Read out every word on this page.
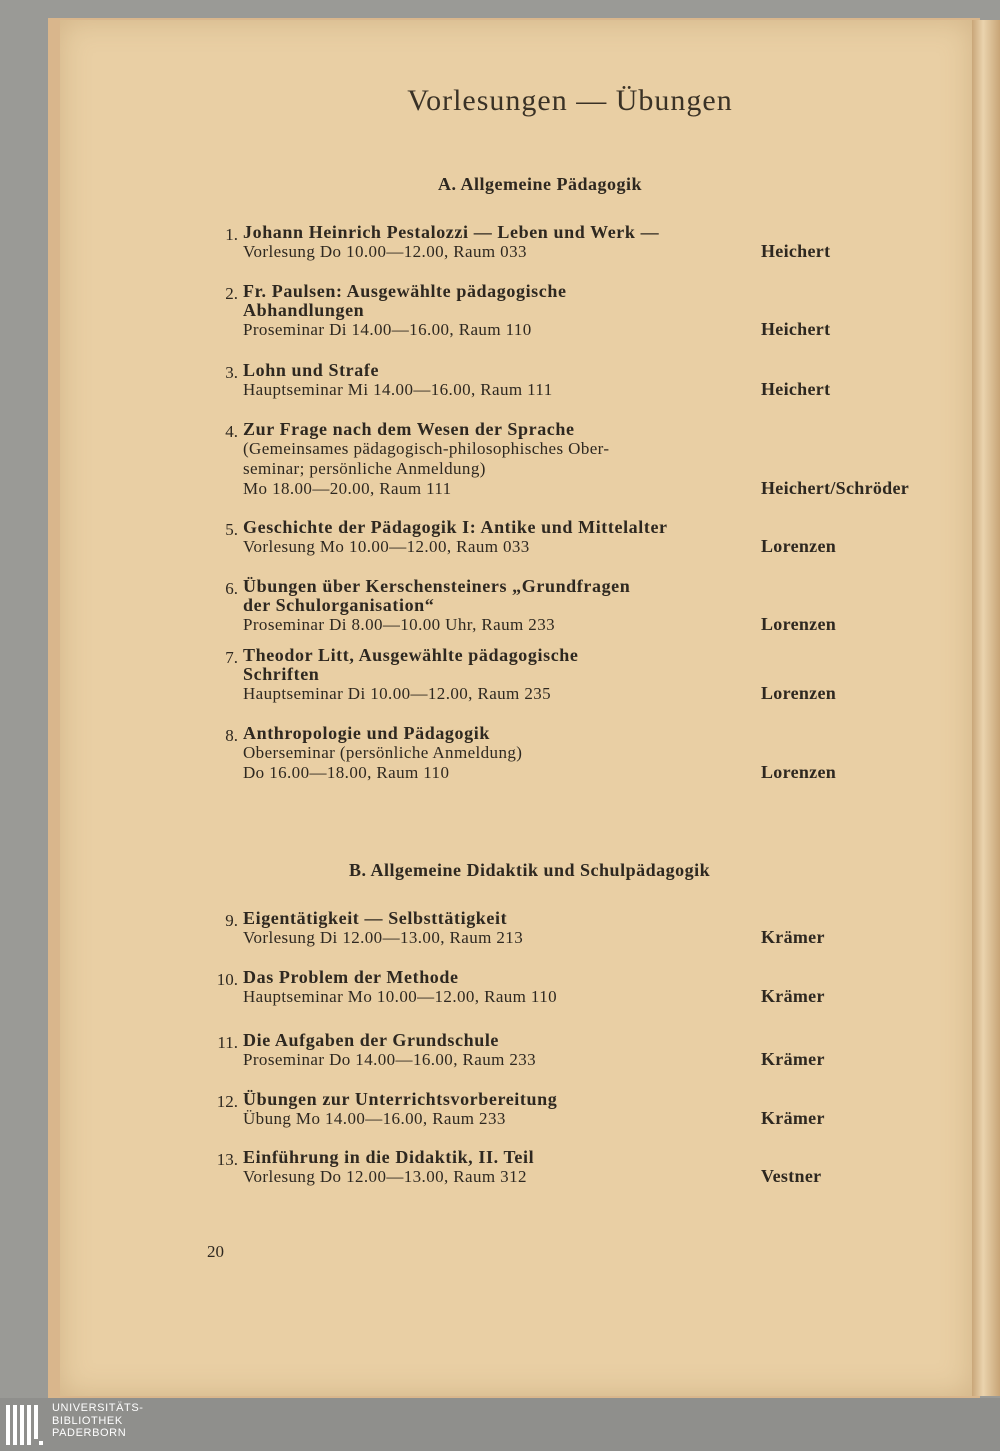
Vorlesungen — Übungen
A. Allgemeine Pädagogik
1. Johann Heinrich Pestalozzi — Leben und Werk —
Vorlesung Do 10.00—12.00, Raum 033	Heichert
2. Fr. Paulsen: Ausgewählte pädagogische
Abhandlungen
Proseminar Di 14.00—16.00, Raum 110	Heichert
3. Lohn und Strafe
Hauptseminar Mi 14.00—16.00, Raum 111	Heichert
4. Zur Frage nach dem Wesen der Sprache
(Gemeinsames pädagogisch-philosophisches Ober-
seminar; persönliche Anmeldung)
Mo 18.00—20.00, Raum 111	Heichert/Schröder
5. Geschichte der Pädagogik I: Antike und Mittelalter
Vorlesung Mo 10.00—12.00, Raum 033	Lorenzen
6. Übungen über Kerschensteiners „Grundfragen
der Schulorganisation“
Proseminar Di 8.00—10.00 Uhr, Raum 233	Lorenzen
7. Theodor Litt, Ausgewählte pädagogische
Schriften
Hauptseminar Di 10.00—12.00, Raum 235	Lorenzen
8. Anthropologie und Pädagogik
Oberseminar (persönliche Anmeldung)
Do 16.00—18.00, Raum 110	Lorenzen
B. Allgemeine Didaktik und Schulpädagogik
9. Eigentätigkeit — Selbsttätigkeit
Vorlesung Di 12.00—13.00, Raum 213	Krämer
10. Das Problem der Methode
Hauptseminar Mo 10.00—12.00, Raum 110	Krämer
11. Die Aufgaben der Grundschule
Proseminar Do 14.00—16.00, Raum 233	Krämer
12. Übungen zur Unterrichtsvorbereitung
Übung Mo 14.00—16.00, Raum 233	Krämer
13. Einführung in die Didaktik, II. Teil
Vorlesung Do 12.00—13.00, Raum 312	Vestner
20
UNIVERSITÄTS-
BIBLIOTHEK
PADERBORN
